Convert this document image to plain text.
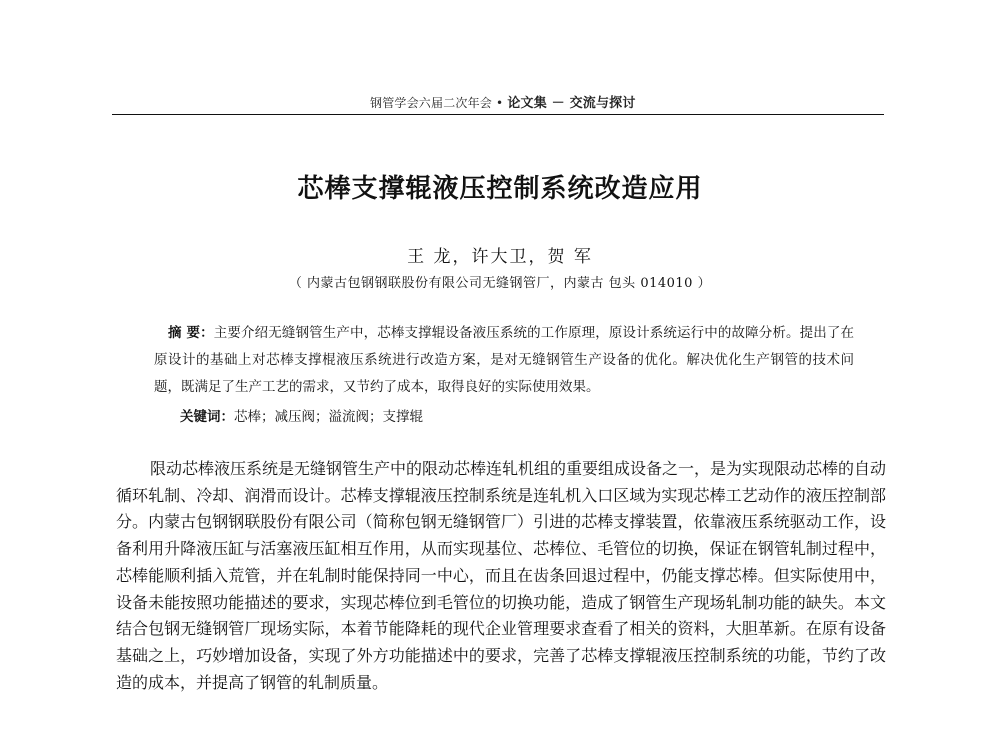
钢管学会六届二次年会 • 论文集 － 交流与探讨
芯棒支撑辊液压控制系统改造应用
王 龙，许大卫，贺 军
（ 内蒙古包钢钢联股份有限公司无缝钢管厂，内蒙古 包头 014010 ）
摘 要：主要介绍无缝钢管生产中，芯棒支撑辊设备液压系统的工作原理，原设计系统运行中的故障分析。提出了在原设计的基础上对芯棒支撑棍液压系统进行改造方案，是对无缝钢管生产设备的优化。解决优化生产钢管的技术问题，既满足了生产工艺的需求，又节约了成本，取得良好的实际使用效果。
关键词：芯棒；减压阀；溢流阀；支撑辊
限动芯棒液压系统是无缝钢管生产中的限动芯棒连轧机组的重要组成设备之一，是为实现限动芯棒的自动循环轧制、冷却、润滑而设计。芯棒支撑辊液压控制系统是连轧机入口区域为实现芯棒工艺动作的液压控制部分。内蒙古包钢钢联股份有限公司（简称包钢无缝钢管厂）引进的芯棒支撑装置，依靠液压系统驱动工作，设备利用升降液压缸与活塞液压缸相互作用，从而实现基位、芯棒位、毛管位的切换，保证在钢管轧制过程中，芯棒能顺利插入荒管，并在轧制时能保持同一中心，而且在齿条回退过程中，仍能支撑芯棒。但实际使用中，设备未能按照功能描述的要求，实现芯棒位到毛管位的切换功能，造成了钢管生产现场轧制功能的缺失。本文结合包钢无缝钢管厂现场实际，本着节能降耗的现代企业管理要求查看了相关的资料，大胆革新。在原有设备基础之上，巧妙增加设备，实现了外方功能描述中的要求，完善了芯棒支撑辊液压控制系统的功能，节约了改造的成本，并提高了钢管的轧制质量。
